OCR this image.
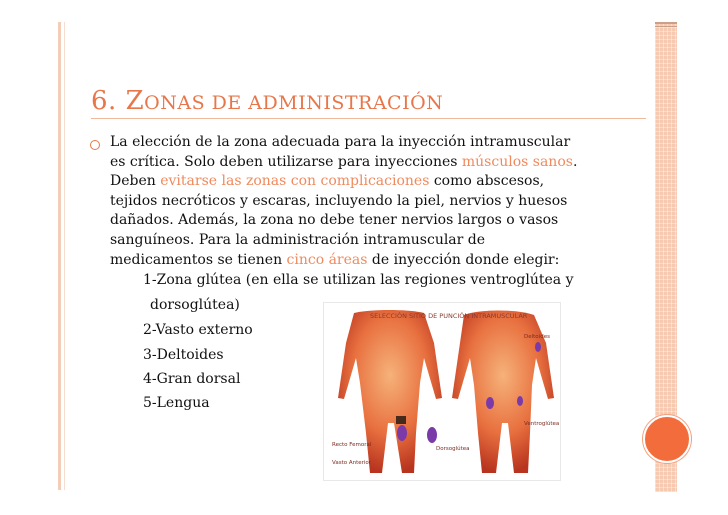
6. ZONAS DE ADMINISTRACIÓN
La elección de la zona adecuada para la inyección intramuscular
es crítica. Solo deben utilizarse para inyecciones músculos sanos.
Deben evitarse las zonas con complicaciones como abscesos,
tejidos necróticos y escaras, incluyendo la piel, nervios y huesos
dañados. Además, la zona no debe tener nervios largos o vasos
sanguíneos. Para la administración intramuscular de
medicamentos se tienen cinco áreas de inyección donde elegir:
1-Zona glútea (en ella se utilizan las regiones ventroglútea y
dorsoglútea)
2-Vasto externo
3-Deltoides
4-Gran dorsal
5-Lengua
SELECCIÓN SITIO DE PUNCIÓN INTRAMUSCULAR
Deltoides
Ventroglútea
Recto Femoral
Dorsoglútea
Vasto Anterior
